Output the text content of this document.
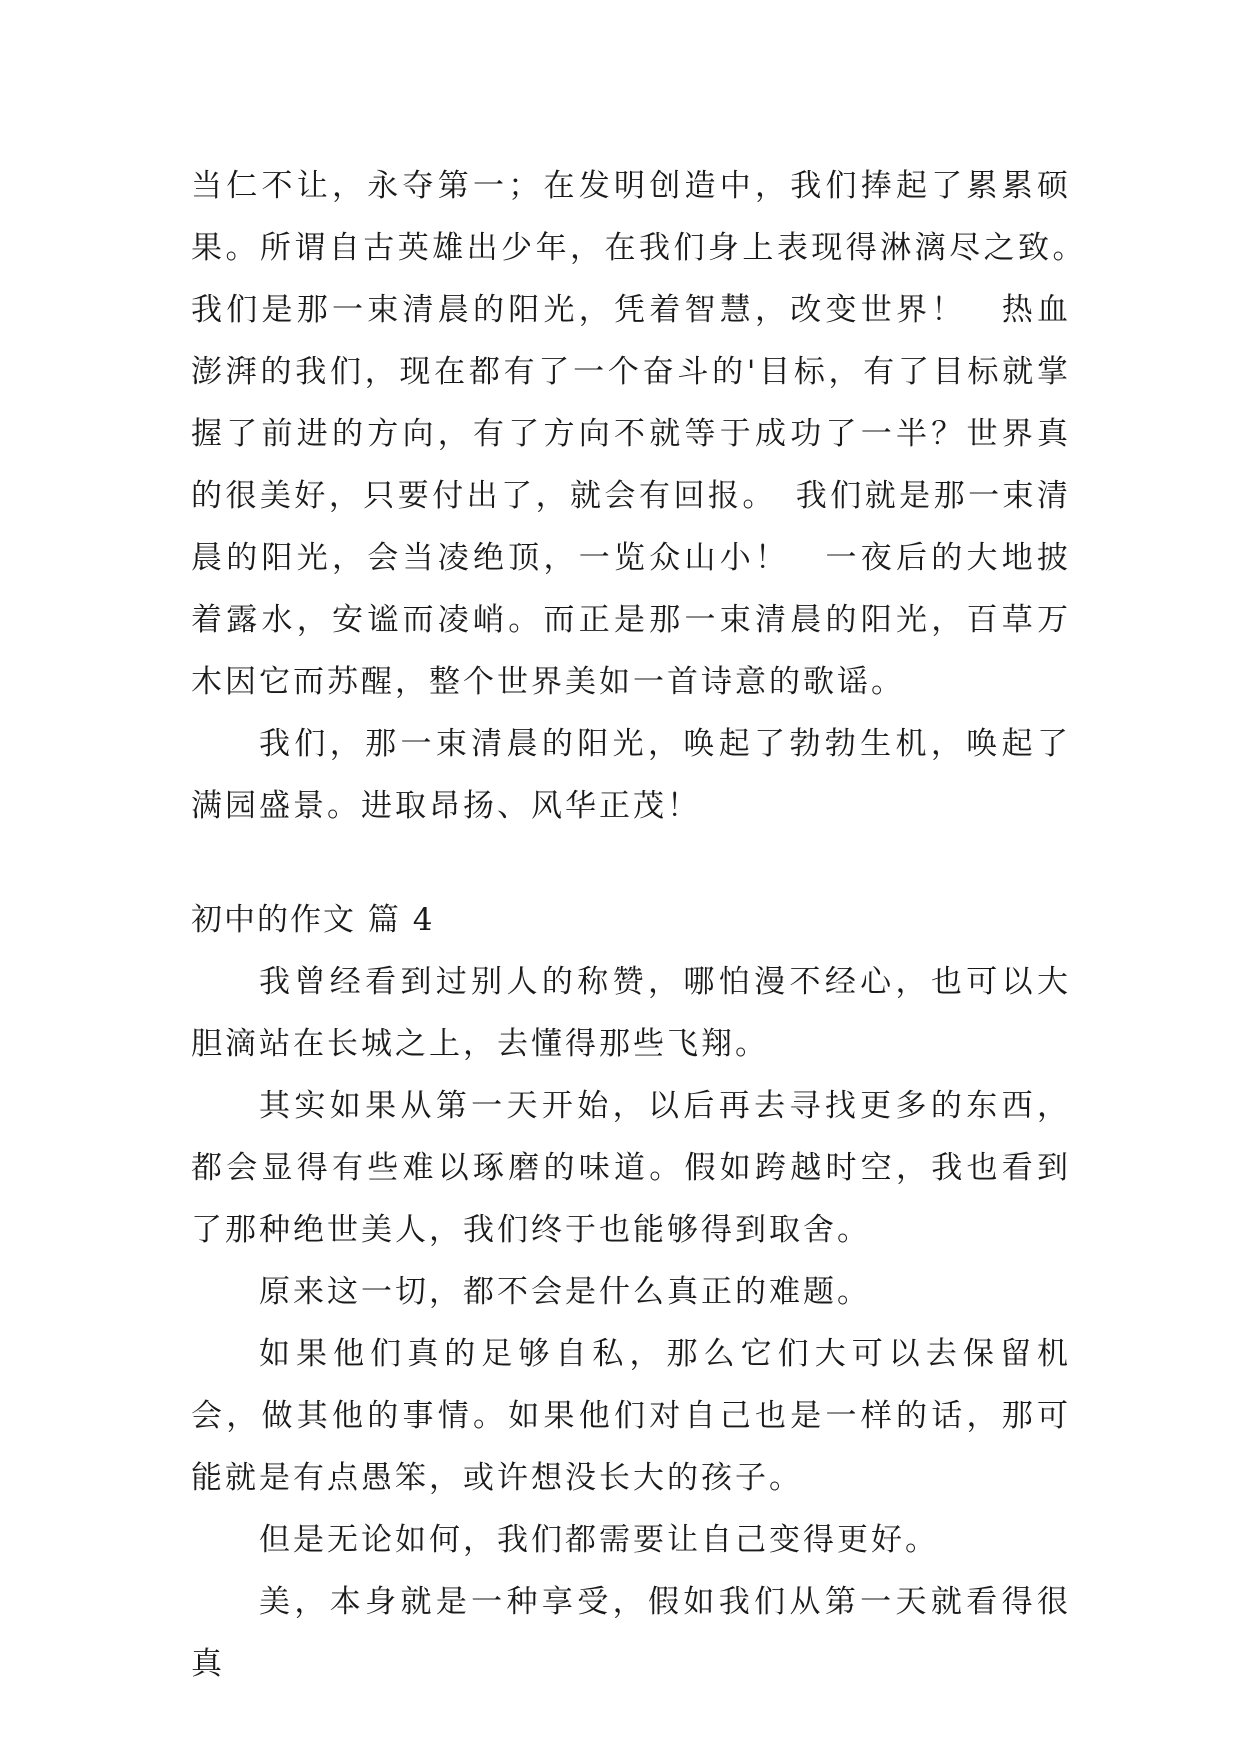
当仁不让，永夺第一；在发明创造中，我们捧起了累累硕果。所谓自古英雄出少年，在我们身上表现得淋漓尽之致。　我们是那一束清晨的阳光，凭着智慧，改变世界！　热血澎湃的我们，现在都有了一个奋斗的'目标，有了目标就掌握了前进的方向，有了方向不就等于成功了一半？世界真的很美好，只要付出了，就会有回报。　我们就是那一束清晨的阳光，会当凌绝顶，一览众山小！　一夜后的大地披着露水，安谧而凌峭。而正是那一束清晨的阳光，百草万木因它而苏醒，整个世界美如一首诗意的歌谣。

我们，那一束清晨的阳光，唤起了勃勃生机，唤起了满园盛景。进取昂扬、风华正茂！

初中的作文 篇 4

我曾经看到过别人的称赞，哪怕漫不经心，也可以大胆滴站在长城之上，去懂得那些飞翔。

其实如果从第一天开始，以后再去寻找更多的东西，都会显得有些难以琢磨的味道。假如跨越时空，我也看到了那种绝世美人，我们终于也能够得到取舍。

原来这一切，都不会是什么真正的难题。

如果他们真的足够自私，那么它们大可以去保留机会，做其他的事情。如果他们对自己也是一样的话，那可能就是有点愚笨，或许想没长大的孩子。

但是无论如何，我们都需要让自己变得更好。

美，本身就是一种享受，假如我们从第一天就看得很真
